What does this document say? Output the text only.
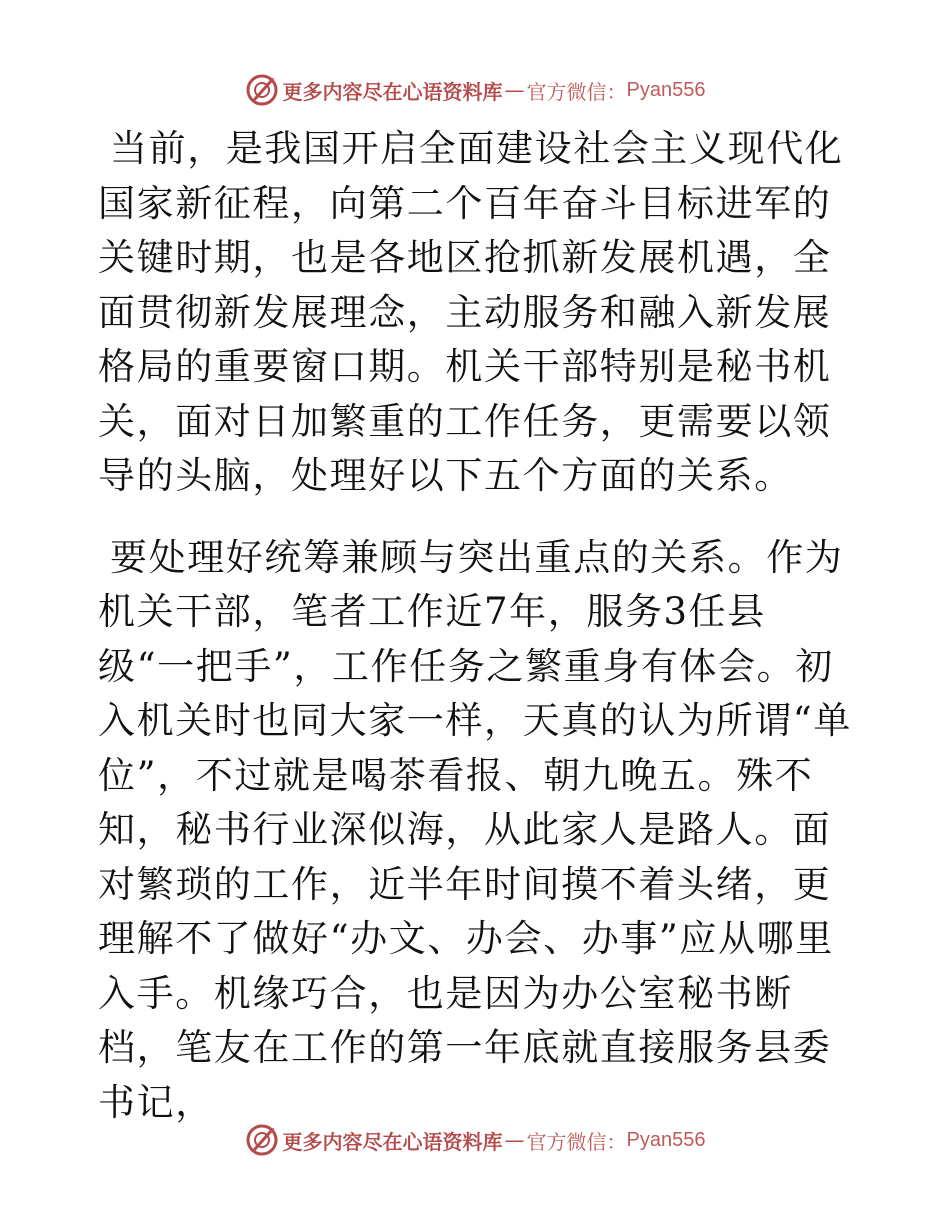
更多内容尽在心语资料库 — 官方微信： Pyan556

当前，是我国开启全面建设社会主义现代化国家新征程，向第二个百年奋斗目标进军的关键时期，也是各地区抢抓新发展机遇，全面贯彻新发展理念，主动服务和融入新发展格局的重要窗口期。机关干部特别是秘书机关，面对日加繁重的工作任务，更需要以领导的头脑，处理好以下五个方面的关系。

要处理好统筹兼顾与突出重点的关系。作为机关干部，笔者工作近7年，服务3任县级“一把手”，工作任务之繁重身有体会。初入机关时也同大家一样，天真的认为所谓“单位”，不过就是喝茶看报、朝九晚五。殊不知，秘书行业深似海，从此家人是路人。面对繁琐的工作，近半年时间摸不着头绪，更理解不了做好“办文、办会、办事”应从哪里入手。机缘巧合，也是因为办公室秘书断档，笔友在工作的第一年底就直接服务县委书记，

更多内容尽在心语资料库 — 官方微信： Pyan556
